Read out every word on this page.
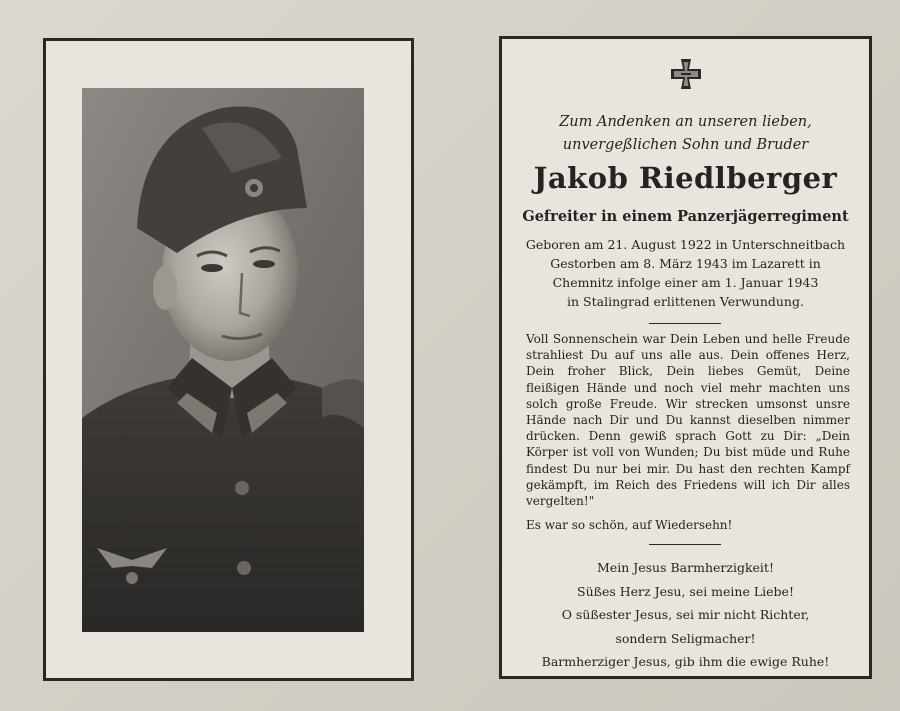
Zum Andenken an unseren lieben,
unvergeßlichen Sohn und Bruder
Jakob Riedlberger
Gefreiter in einem Panzerjägerregiment
Geboren am 21. August 1922 in Unterschneitbach
Gestorben am 8. März 1943 im Lazarett in
Chemnitz infolge einer am 1. Januar 1943
in Stalingrad erlittenen Verwundung.

Voll Sonnenschein war Dein Leben und helle Freude strahliest Du auf uns alle aus. Dein offenes Herz, Dein froher Blick, Dein liebes Gemüt, Deine fleißigen Hände und noch viel mehr machten uns solch große Freude. Wir strecken umsonst unsre Hände nach Dir und Du kannst dieselben nimmer drücken. Denn gewiß sprach Gott zu Dir: „Dein Körper ist voll von Wunden; Du bist müde und Ruhe findest Du nur bei mir. Du hast den rechten Kampf gekämpft, im Reich des Friedens will ich Dir alles vergelten!"

Es war so schön, auf Wiedersehn!

Mein Jesus Barmherzigkeit!
Süßes Herz Jesu, sei meine Liebe!
O süßester Jesus, sei mir nicht Richter,
sondern Seligmacher!
Barmherziger Jesus, gib ihm die ewige Ruhe!
